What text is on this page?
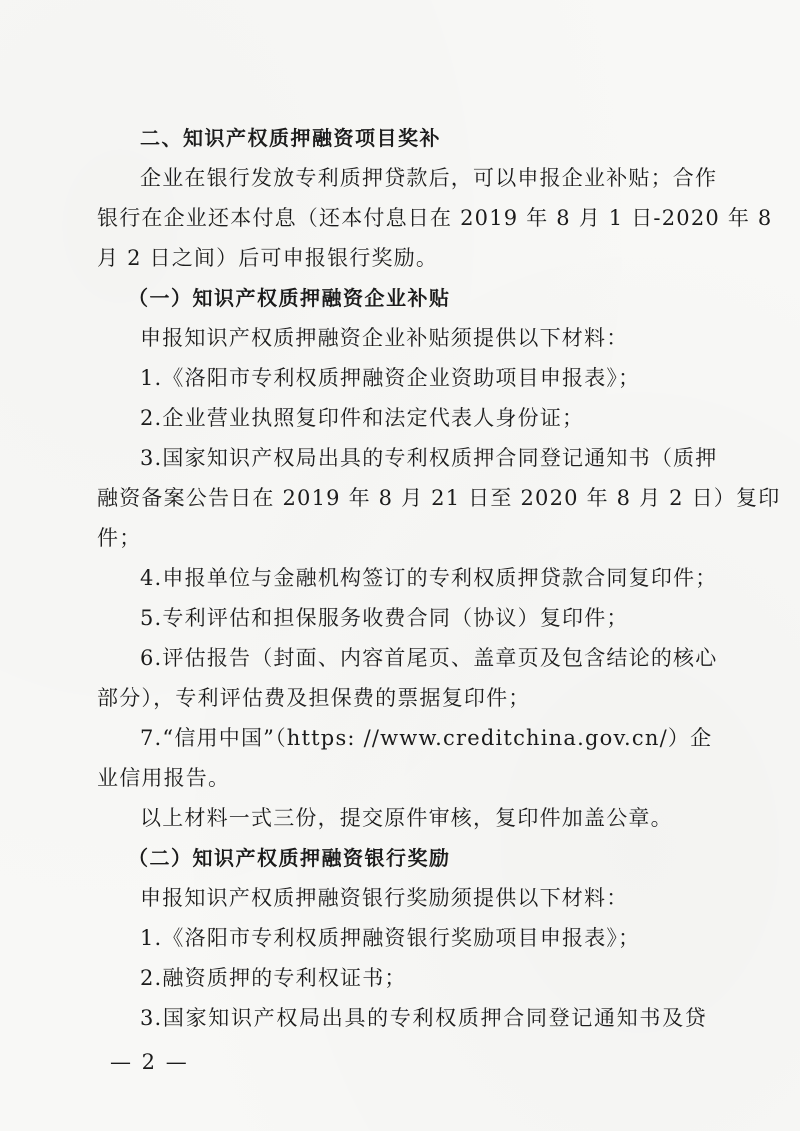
二、知识产权质押融资项目奖补
企业在银行发放专利质押贷款后，可以申报企业补贴；合作
银行在企业还本付息（还本付息日在 2019 年 8 月 1 日-2020 年 8
月 2 日之间）后可申报银行奖励。
（一）知识产权质押融资企业补贴
申报知识产权质押融资企业补贴须提供以下材料：
1.《洛阳市专利权质押融资企业资助项目申报表》；
2.企业营业执照复印件和法定代表人身份证；
3.国家知识产权局出具的专利权质押合同登记通知书（质押
融资备案公告日在 2019 年 8 月 21 日至 2020 年 8 月 2 日）复印
件；
4.申报单位与金融机构签订的专利权质押贷款合同复印件；
5.专利评估和担保服务收费合同（协议）复印件；
6.评估报告（封面、内容首尾页、盖章页及包含结论的核心
部分），专利评估费及担保费的票据复印件；
7.“信用中国”（https: //www.creditchina.gov.cn/）企
业信用报告。
以上材料一式三份，提交原件审核，复印件加盖公章。
（二）知识产权质押融资银行奖励
申报知识产权质押融资银行奖励须提供以下材料：
1.《洛阳市专利权质押融资银行奖励项目申报表》；
2.融资质押的专利权证书；
3.国家知识产权局出具的专利权质押合同登记通知书及贷
— 2 —
